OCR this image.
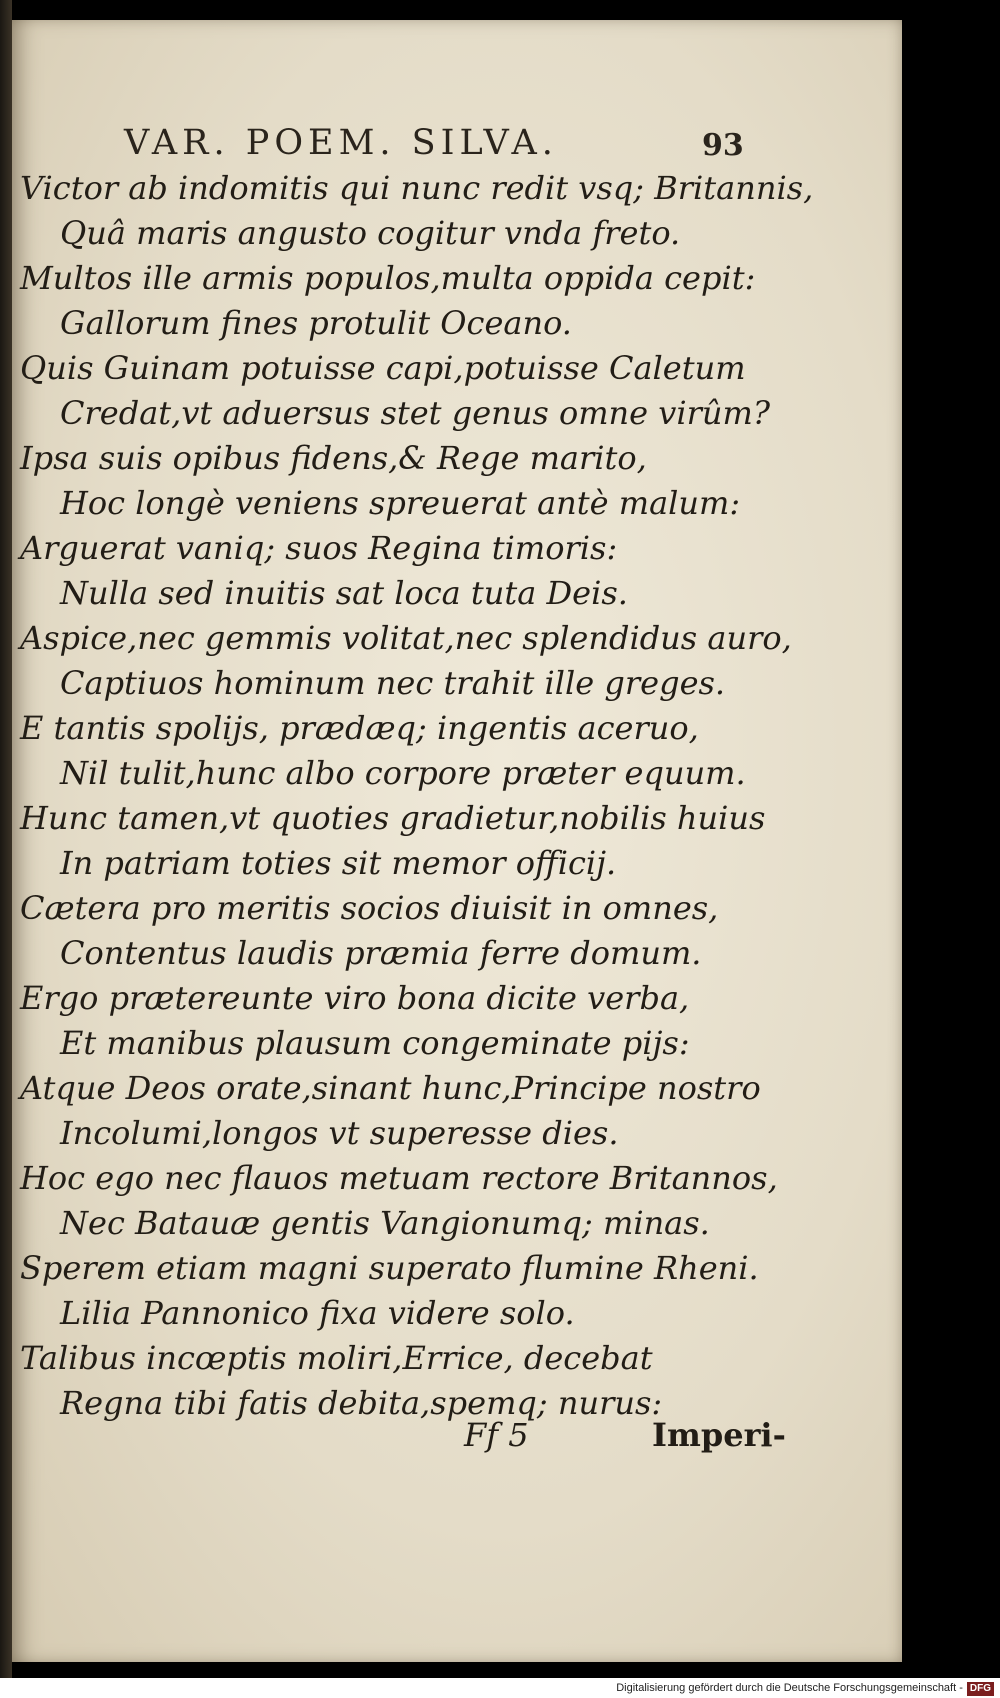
VAR. POEM. SILVA.	93
Victor ab indomitis qui nunc redit vsq; Britannis,
Quâ maris angusto cogitur vnda freto.
Multos ille armis populos,multa oppida cepit:
Gallorum fines protulit Oceano.
Quis Guinam potuisse capi,potuisse Caletum
Credat,vt aduersus stet genus omne virûm?
Ipsa suis opibus fidens,& Rege marito,
Hoc longè veniens spreuerat antè malum:
Arguerat vaniq; suos Regina timoris:
Nulla sed inuitis sat loca tuta Deis.
Aspice,nec gemmis volitat,nec splendidus auro,
Captiuos hominum nec trahit ille greges.
E tantis spolijs, prædæq; ingentis aceruo,
Nil tulit,hunc albo corpore præter equum.
Hunc tamen,vt quoties gradietur,nobilis huius
In patriam toties sit memor officij.
Cætera pro meritis socios diuisit in omnes,
Contentus laudis præmia ferre domum.
Ergo prætereunte viro bona dicite verba,
Et manibus plausum congeminate pijs:
Atque Deos orate,sinant hunc,Principe nostro
Incolumi,longos vt superesse dies.
Hoc ego nec flauos metuam rectore Britannos,
Nec Batauæ gentis Vangionumq; minas.
Sperem etiam magni superato flumine Rheni.
Lilia Pannonico fixa videre solo.
Talibus incœptis moliri,Errice, decebat
Regna tibi fatis debita,spemq; nurus:
Ff 5	Imperi-
Digitalisierung gefördert durch die Deutsche Forschungsgemeinschaft - DFG
